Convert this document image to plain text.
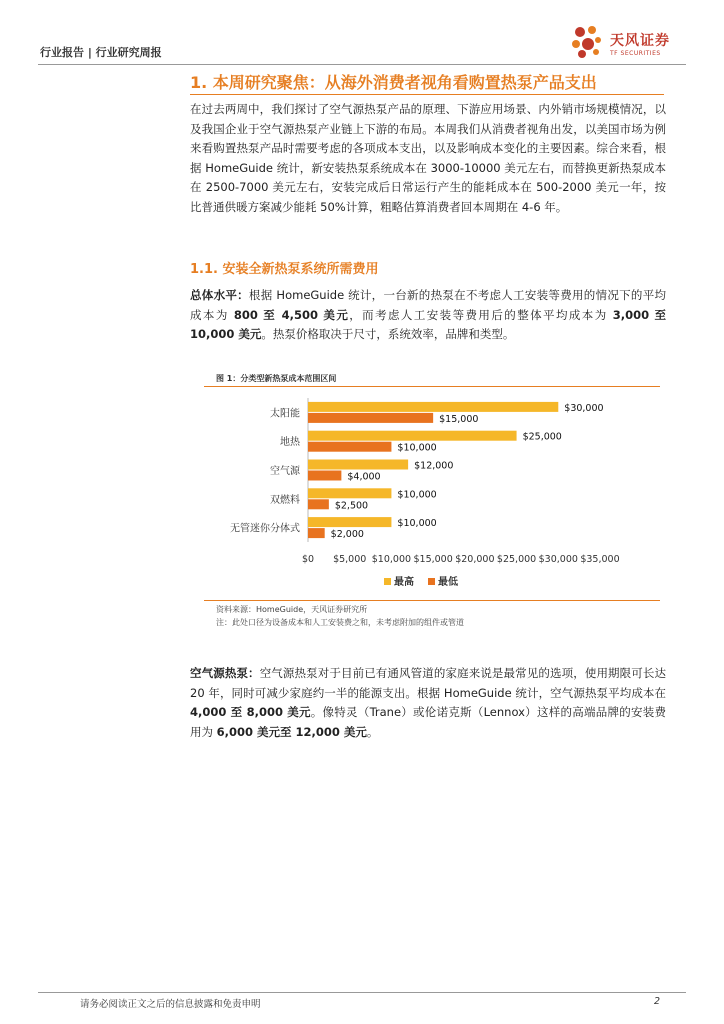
行业报告 | 行业研究周报
天风证券
TF SECURITIES
1. 本周研究聚焦：从海外消费者视角看购置热泵产品支出
在过去两周中，我们探讨了空气源热泵产品的原理、下游应用场景、内外销市场规模情况，以及我国企业于空气源热泵产业链上下游的布局。本周我们从消费者视角出发，以美国市场为例来看购置热泵产品时需要考虑的各项成本支出，以及影响成本变化的主要因素。综合来看，根据 HomeGuide 统计，新安装热泵系统成本在 3000-10000 美元左右，而替换更新热泵成本在 2500-7000 美元左右，安装完成后日常运行产生的能耗成本在 500-2000 美元一年，按比普通供暖方案减少能耗 50%计算，粗略估算消费者回本周期在 4-6 年。
1.1. 安装全新热泵系统所需费用
总体水平：根据 HomeGuide 统计，一台新的热泵在不考虑人工安装等费用的情况下的平均成本为 800 至 4,500 美元，而考虑人工安装等费用后的整体平均成本为 3,000 至 10,000 美元。热泵价格取决于尺寸，系统效率，品牌和类型。
图 1：分类型新热泵成本范围区间
太阳能	$30,000
$15,000
地热	$25,000
$10,000
空气源	$12,000
$4,000
双燃料	$10,000
$2,500
无管迷你分体式	$10,000
$2,000
$0 $5,000 $10,000 $15,000 $20,000 $25,000 $30,000 $35,000
最高 最低
资料来源：HomeGuide，天风证券研究所
注：此处口径为设备成本和人工安装费之和，未考虑附加的组件或管道
空气源热泵：空气源热泵对于目前已有通风管道的家庭来说是最常见的选项，使用期限可长达 20 年，同时可减少家庭约一半的能源支出。根据 HomeGuide 统计，空气源热泵平均成本在 4,000 至 8,000 美元。像特灵（Trane）或伦诺克斯（Lennox）这样的高端品牌的安装费用为 6,000 美元至 12,000 美元。
请务必阅读正文之后的信息披露和免责申明	2
